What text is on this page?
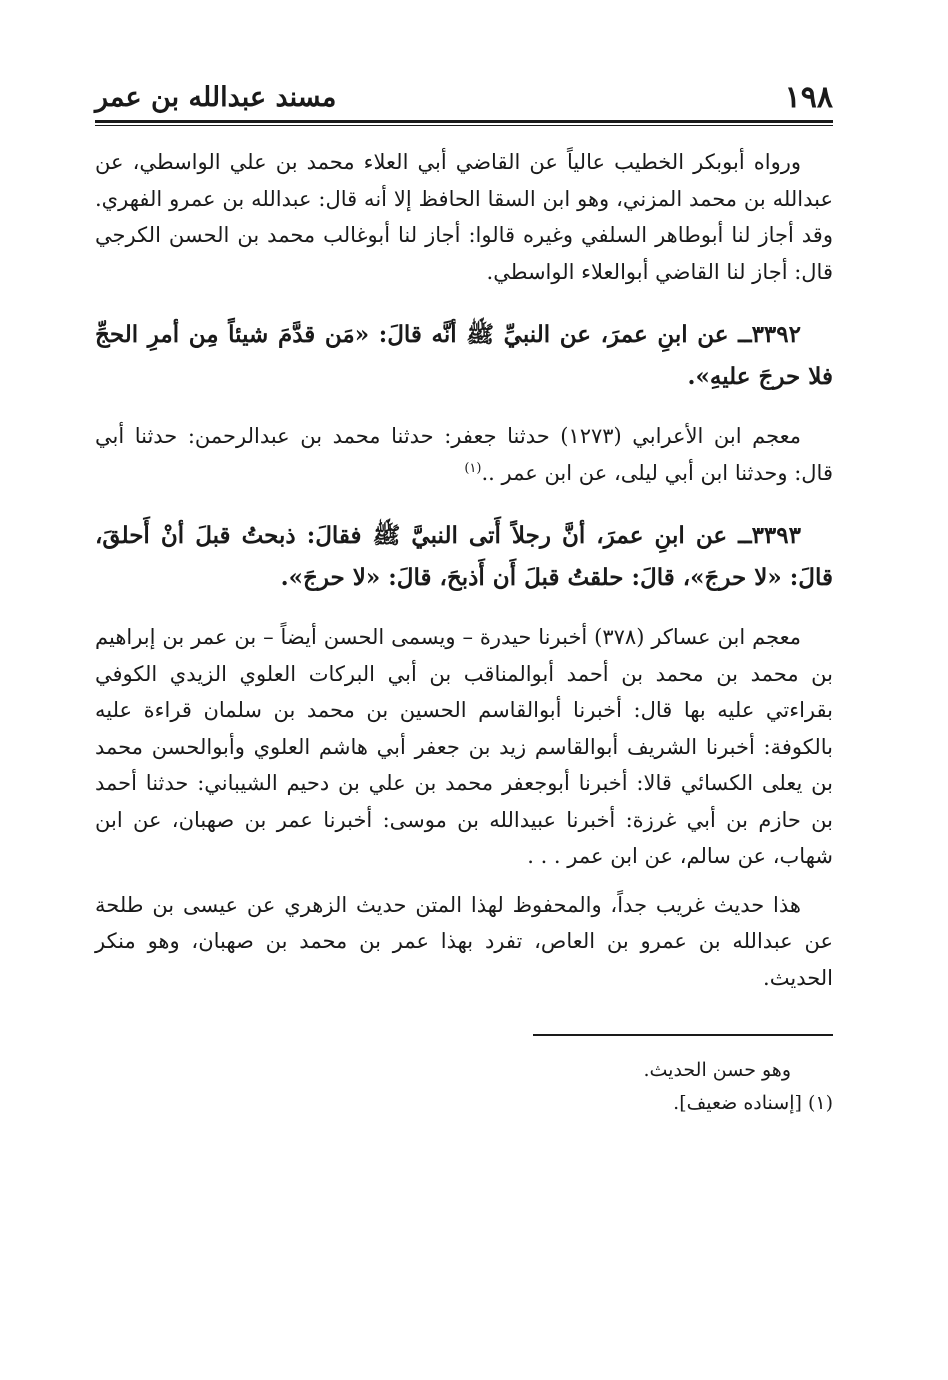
١٩٨
مسند عبدالله بن عمر

ورواه أبوبكر الخطيب عالياً عن القاضي أبي العلاء محمد بن علي الواسطي، عن عبدالله بن محمد المزني، وهو ابن السقا الحافظ إلا أنه قال: عبدالله بن عمرو الفهري. وقد أجاز لنا أبوطاهر السلفي وغيره قالوا: أجاز لنا أبوغالب محمد بن الحسن الكرجي قال: أجاز لنا القاضي أبوالعلاء الواسطي.

٣٣٩٢ــ عن ابنِ عمرَ، عن النبيِّ ﷺ أنَّه قالَ: «مَن قدَّمَ شيئاً مِن أمرِ الحجِّ فلا حرجَ عليهِ».

معجم ابن الأعرابي (١٢٧٣) حدثنا جعفر: حدثنا محمد بن عبدالرحمن: حدثنا أبي قال: وحدثنا ابن أبي ليلى، عن ابن عمر ..$^{(١)}$

٣٣٩٣ــ عن ابنِ عمرَ، أنَّ رجلاً أَتى النبيَّ ﷺ فقالَ: ذبحتُ قبلَ أنْ أَحلقَ، قالَ: «لا حرجَ»، قالَ: حلقتُ قبلَ أَن أَذبحَ، قالَ: «لا حرجَ».

معجم ابن عساكر (٣٧٨) أخبرنا حيدرة – ويسمى الحسن أيضاً – بن عمر بن إبراهيم بن محمد بن محمد بن أحمد أبوالمناقب بن أبي البركات العلوي الزيدي الكوفي بقراءتي عليه بها قال: أخبرنا أبوالقاسم الحسين بن محمد بن سلمان قراءة عليه بالكوفة: أخبرنا الشريف أبوالقاسم زيد بن جعفر أبي هاشم العلوي وأبوالحسن محمد بن يعلى الكسائي قالا: أخبرنا أبوجعفر محمد بن علي بن دحيم الشيباني: حدثنا أحمد بن حازم بن أبي غرزة: أخبرنا عبيدالله بن موسى: أخبرنا عمر بن صهبان، عن ابن شهاب، عن سالم، عن ابن عمر . . .

هذا حديث غريب جداً، والمحفوظ لهذا المتن حديث الزهري عن عيسى بن طلحة عن عبدالله بن عمرو بن العاص، تفرد بهذا عمر بن محمد بن صهبان، وهو منكر الحديث.

وهو حسن الحديث.

(١) [إسناده ضعيف].
